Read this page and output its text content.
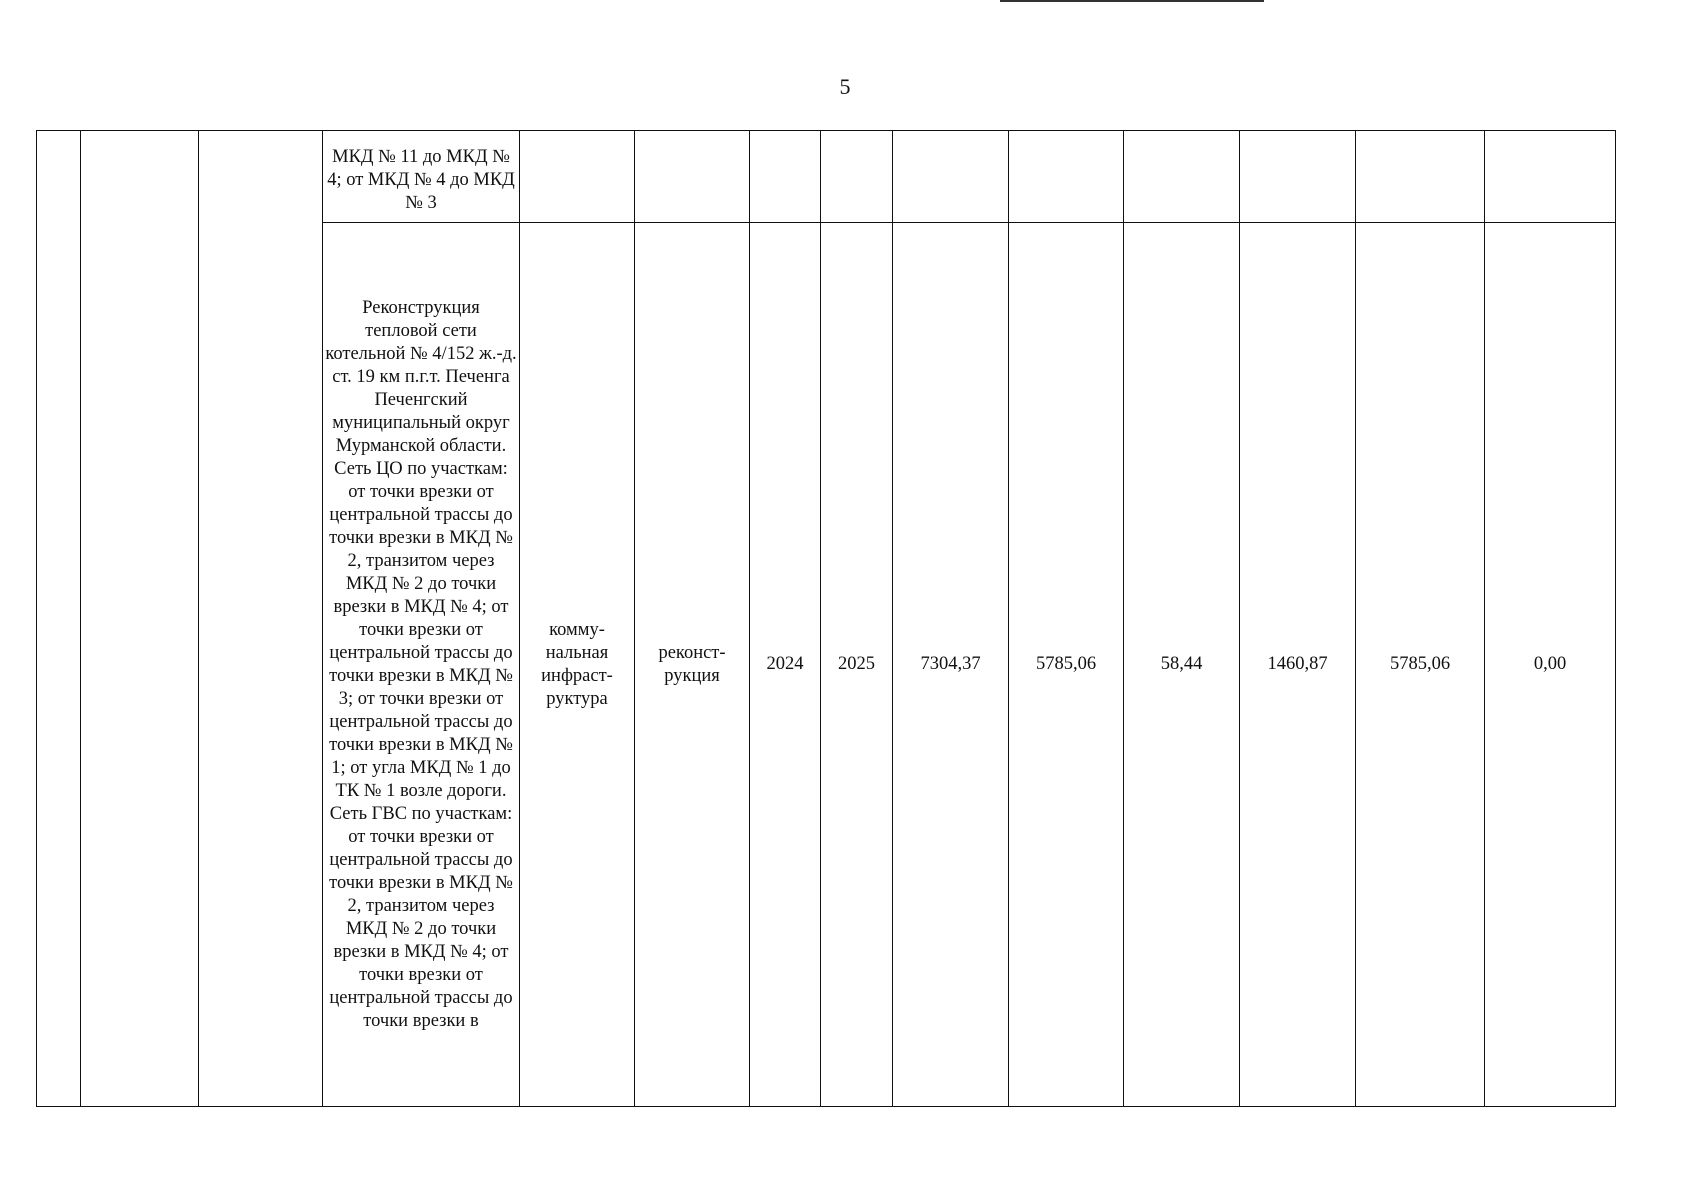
5

			МКД № 11 до МКД № 4; от МКД № 4 до МКД № 3										

			Реконструкция тепловой сети котельной № 4/152 ж.-д. ст. 19 км п.г.т. Печенга Печенгский муниципальный округ Мурманской области. Сеть ЦО по участкам: от точки врезки от центральной трассы до точки врезки в МКД № 2, транзитом через МКД № 2 до точки врезки в МКД № 4; от точки врезки от центральной трассы до точки врезки в МКД № 3; от точки врезки от центральной трассы до точки врезки в МКД № 1; от угла МКД № 1 до ТК № 1 возле дороги. Сеть ГВС по участкам: от точки врезки от центральной трассы до точки врезки в МКД № 2, транзитом через МКД № 2 до точки врезки в МКД № 4; от точки врезки от центральной трассы до точки врезки в	комму-нальная инфраст-руктура	реконст-рукция	2024	2025	7304,37	5785,06	58,44	1460,87	5785,06	0,00
